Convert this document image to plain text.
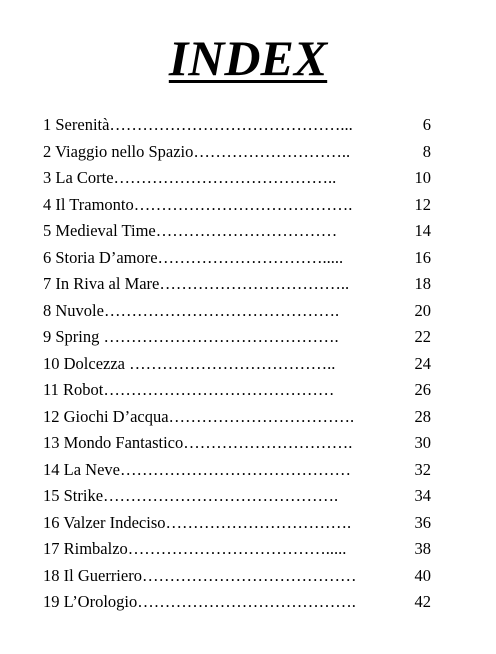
INDEX
1 Serenità……………………………………...	6
2 Viaggio nello Spazio………………………..	8
3 La Corte…………………………………..	10
4 Il Tramonto………………………………….	12
5 Medieval Time……………………………	14
6 Storia D’amore………………………….....	16
7 In Riva al Mare……………………………..	18
8 Nuvole…………………………………….	20
9 Spring …………………………………….	22
10 Dolcezza ………………………………..	24
11 Robot……………………………………	26
12 Giochi D’acqua…………………………….	28
13 Mondo Fantastico………………………….	30
14 La Neve……………………………………	32
15 Strike…………………………………….	34
16 Valzer Indeciso…………………………….	36
17 Rimbalzo……………………………….....	38
18 Il Guerriero…………………………………	40
19 L’Orologio………………………………….	42
